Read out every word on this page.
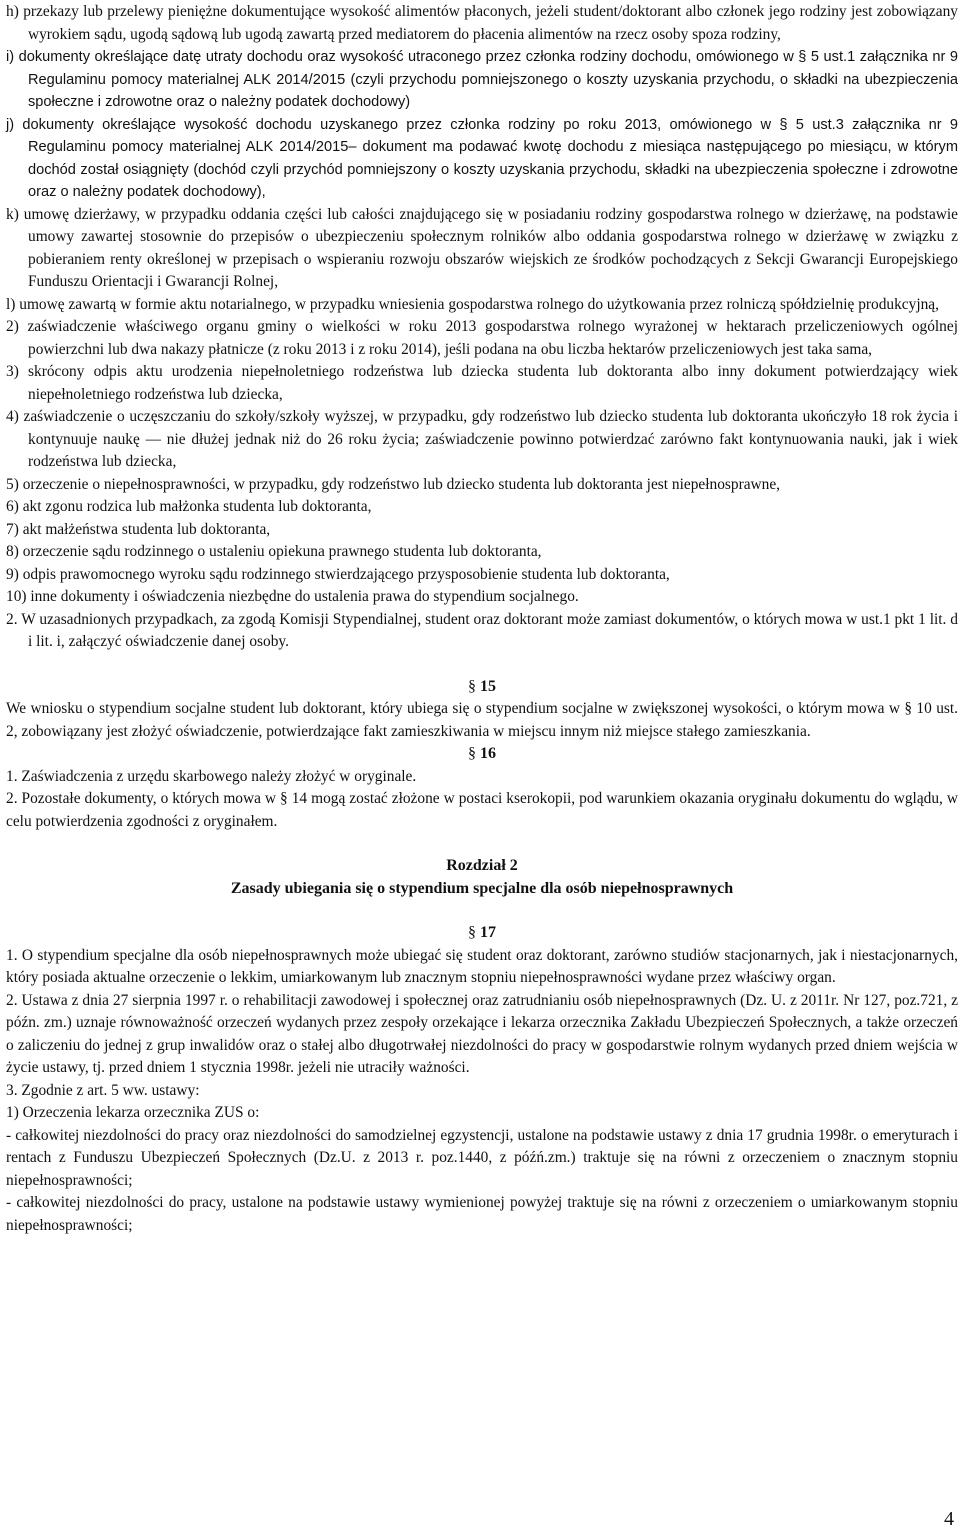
h) przekazy lub przelewy pieniężne dokumentujące wysokość alimentów płaconych, jeżeli student/doktorant albo członek jego rodziny jest zobowiązany wyrokiem sądu, ugodą sądową lub ugodą zawartą przed mediatorem do płacenia alimentów na rzecz osoby spoza rodziny,

i) dokumenty określające datę utraty dochodu oraz wysokość utraconego przez członka rodziny dochodu, omówionego w § 5 ust.1 załącznika nr 9 Regulaminu pomocy materialnej ALK 2014/2015 (czyli przychodu pomniejszonego o koszty uzyskania przychodu, o składki na ubezpieczenia społeczne i zdrowotne oraz o należny podatek dochodowy)

j) dokumenty określające wysokość dochodu uzyskanego przez członka rodziny po roku 2013, omówionego w § 5 ust.3 załącznika nr 9 Regulaminu pomocy materialnej ALK 2014/2015– dokument ma podawać kwotę dochodu z miesiąca następującego po miesiącu, w którym dochód został osiągnięty (dochód czyli przychód pomniejszony o koszty uzyskania przychodu, składki na ubezpieczenia społeczne i zdrowotne oraz o należny podatek dochodowy),

k) umowę dzierżawy, w przypadku oddania części lub całości znajdującego się w posiadaniu rodziny gospodarstwa rolnego w dzierżawę, na podstawie umowy zawartej stosownie do przepisów o ubezpieczeniu społecznym rolników albo oddania gospodarstwa rolnego w dzierżawę w związku z pobieraniem renty określonej w przepisach o wspieraniu rozwoju obszarów wiejskich ze środków pochodzących z Sekcji Gwarancji Europejskiego Funduszu Orientacji i Gwarancji Rolnej,

l) umowę zawartą w formie aktu notarialnego, w przypadku wniesienia gospodarstwa rolnego do użytkowania przez rolniczą spółdzielnię produkcyjną,

2) zaświadczenie właściwego organu gminy o wielkości w roku 2013 gospodarstwa rolnego wyrażonej w hektarach przeliczeniowych ogólnej powierzchni lub dwa nakazy płatnicze (z roku 2013 i z roku 2014), jeśli podana na obu liczba hektarów przeliczeniowych jest taka sama,

3) skrócony odpis aktu urodzenia niepełnoletniego rodzeństwa lub dziecka studenta lub doktoranta albo inny dokument potwierdzający wiek niepełnoletniego rodzeństwa lub dziecka,

4) zaświadczenie o uczęszczaniu do szkoły/szkoły wyższej, w przypadku, gdy rodzeństwo lub dziecko studenta lub doktoranta ukończyło 18 rok życia i kontynuuje naukę — nie dłużej jednak niż do 26 roku życia; zaświadczenie powinno potwierdzać zarówno fakt kontynuowania nauki, jak i wiek rodzeństwa lub dziecka,

5) orzeczenie o niepełnosprawności, w przypadku, gdy rodzeństwo lub dziecko studenta lub doktoranta jest niepełnosprawne,

6) akt zgonu rodzica lub małżonka studenta lub doktoranta,

7) akt małżeństwa studenta lub doktoranta,

8) orzeczenie sądu rodzinnego o ustaleniu opiekuna prawnego studenta lub doktoranta,

9) odpis prawomocnego wyroku sądu rodzinnego stwierdzającego przysposobienie studenta lub doktoranta,

10) inne dokumenty i oświadczenia niezbędne do ustalenia prawa do stypendium socjalnego.

2. W uzasadnionych przypadkach, za zgodą Komisji Stypendialnej, student oraz doktorant może zamiast dokumentów, o których mowa w ust.1 pkt 1 lit. d i lit. i, załączyć oświadczenie danej osoby.

§ 15

We wniosku o stypendium socjalne student lub doktorant, który ubiega się o stypendium socjalne w zwiększonej wysokości, o którym mowa w § 10 ust. 2, zobowiązany jest złożyć oświadczenie, potwierdzające fakt zamieszkiwania w miejscu innym niż miejsce stałego zamieszkania.

§ 16

1. Zaświadczenia z urzędu skarbowego należy złożyć w oryginale.

2. Pozostałe dokumenty, o których mowa w § 14 mogą zostać złożone w postaci kserokopii, pod warunkiem okazania oryginału dokumentu do wglądu, w celu potwierdzenia zgodności z oryginałem.

Rozdział 2

Zasady ubiegania się o stypendium specjalne dla osób niepełnosprawnych

§ 17

1. O stypendium specjalne dla osób niepełnosprawnych może ubiegać się student oraz doktorant, zarówno studiów stacjonarnych, jak i niestacjonarnych, który posiada aktualne orzeczenie o lekkim, umiarkowanym lub znacznym stopniu niepełnosprawności wydane przez właściwy organ.

2. Ustawa z dnia 27 sierpnia 1997 r. o rehabilitacji zawodowej i społecznej oraz zatrudnianiu osób niepełnosprawnych (Dz. U. z 2011r. Nr 127, poz.721, z późn. zm.) uznaje równoważność orzeczeń wydanych przez zespoły orzekające i lekarza orzecznika Zakładu Ubezpieczeń Społecznych, a także orzeczeń o zaliczeniu do jednej z grup inwalidów oraz o stałej albo długotrwałej niezdolności do pracy w gospodarstwie rolnym wydanych przed dniem wejścia w życie ustawy, tj. przed dniem 1 stycznia 1998r. jeżeli nie utraciły ważności.

3. Zgodnie z art. 5 ww. ustawy:

1) Orzeczenia lekarza orzecznika ZUS o:

- całkowitej niezdolności do pracy oraz niezdolności do samodzielnej egzystencji, ustalone na podstawie ustawy z dnia 17 grudnia 1998r. o emeryturach i rentach z Funduszu Ubezpieczeń Społecznych (Dz.U. z 2013 r. poz.1440, z późń.zm.) traktuje się na równi z orzeczeniem o znacznym stopniu niepełnosprawności;

- całkowitej niezdolności do pracy, ustalone na podstawie ustawy wymienionej powyżej traktuje się na równi z orzeczeniem o umiarkowanym stopniu niepełnosprawności;

4
